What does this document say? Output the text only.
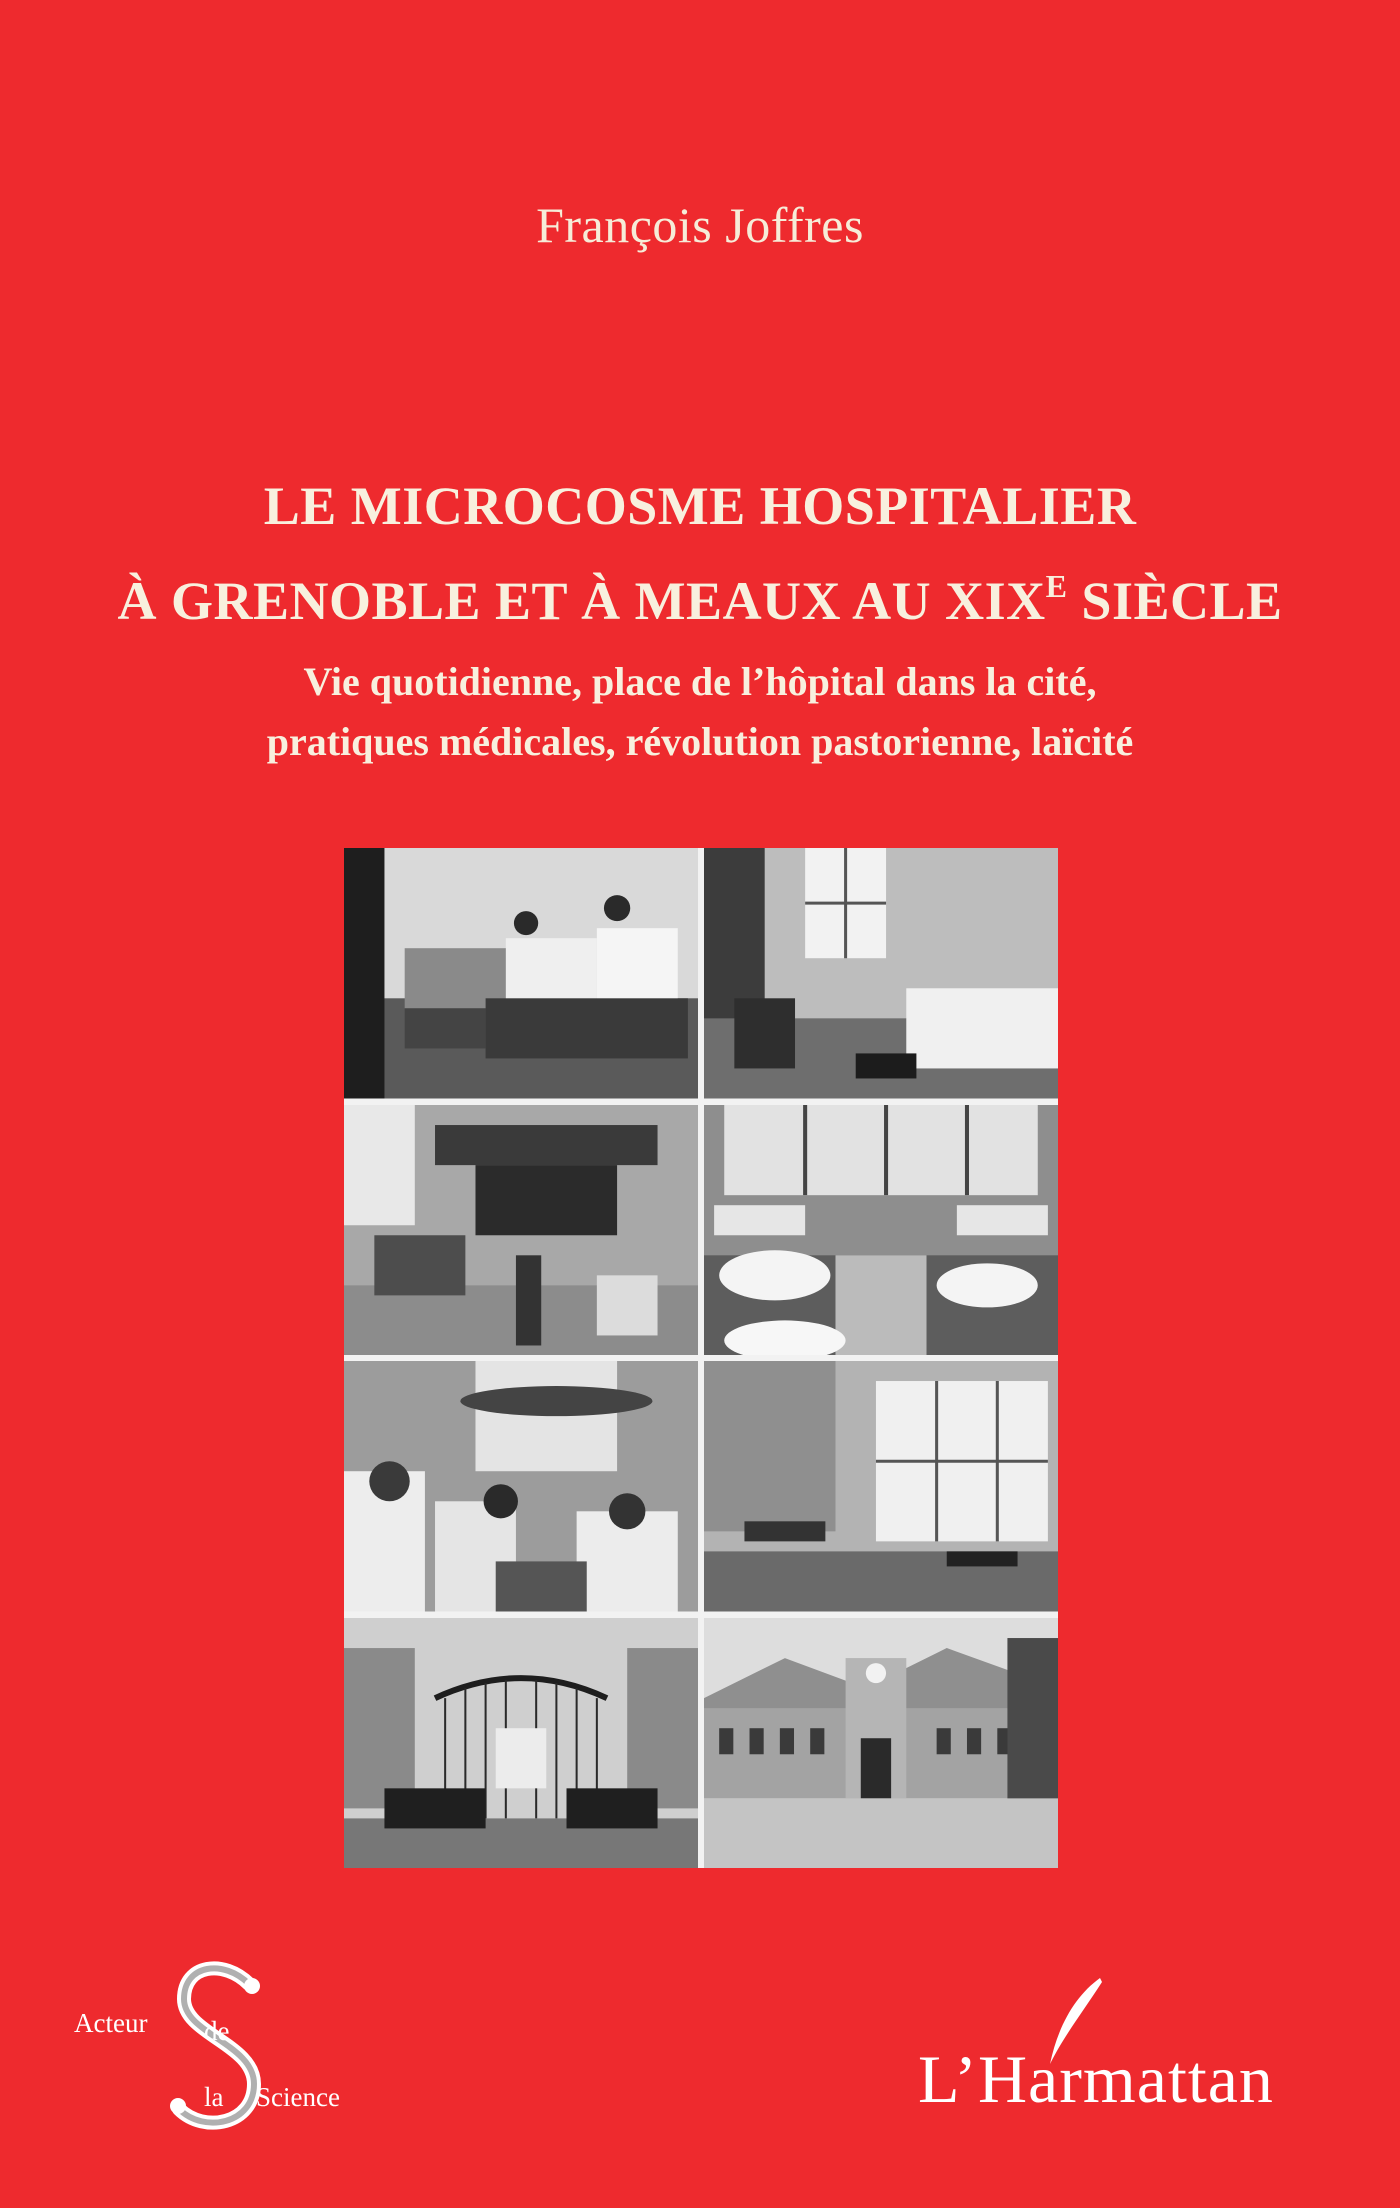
François Joffres
LE MICROCOSME HOSPITALIER
À GRENOBLE ET À MEAUX AU $XIX^E$ SIÈCLE
Vie quotidienne, place de l’hôpital dans la cité,
pratiques médicales, révolution pastorienne, laïcité
Acteur de
la Science	L’Harmattan
